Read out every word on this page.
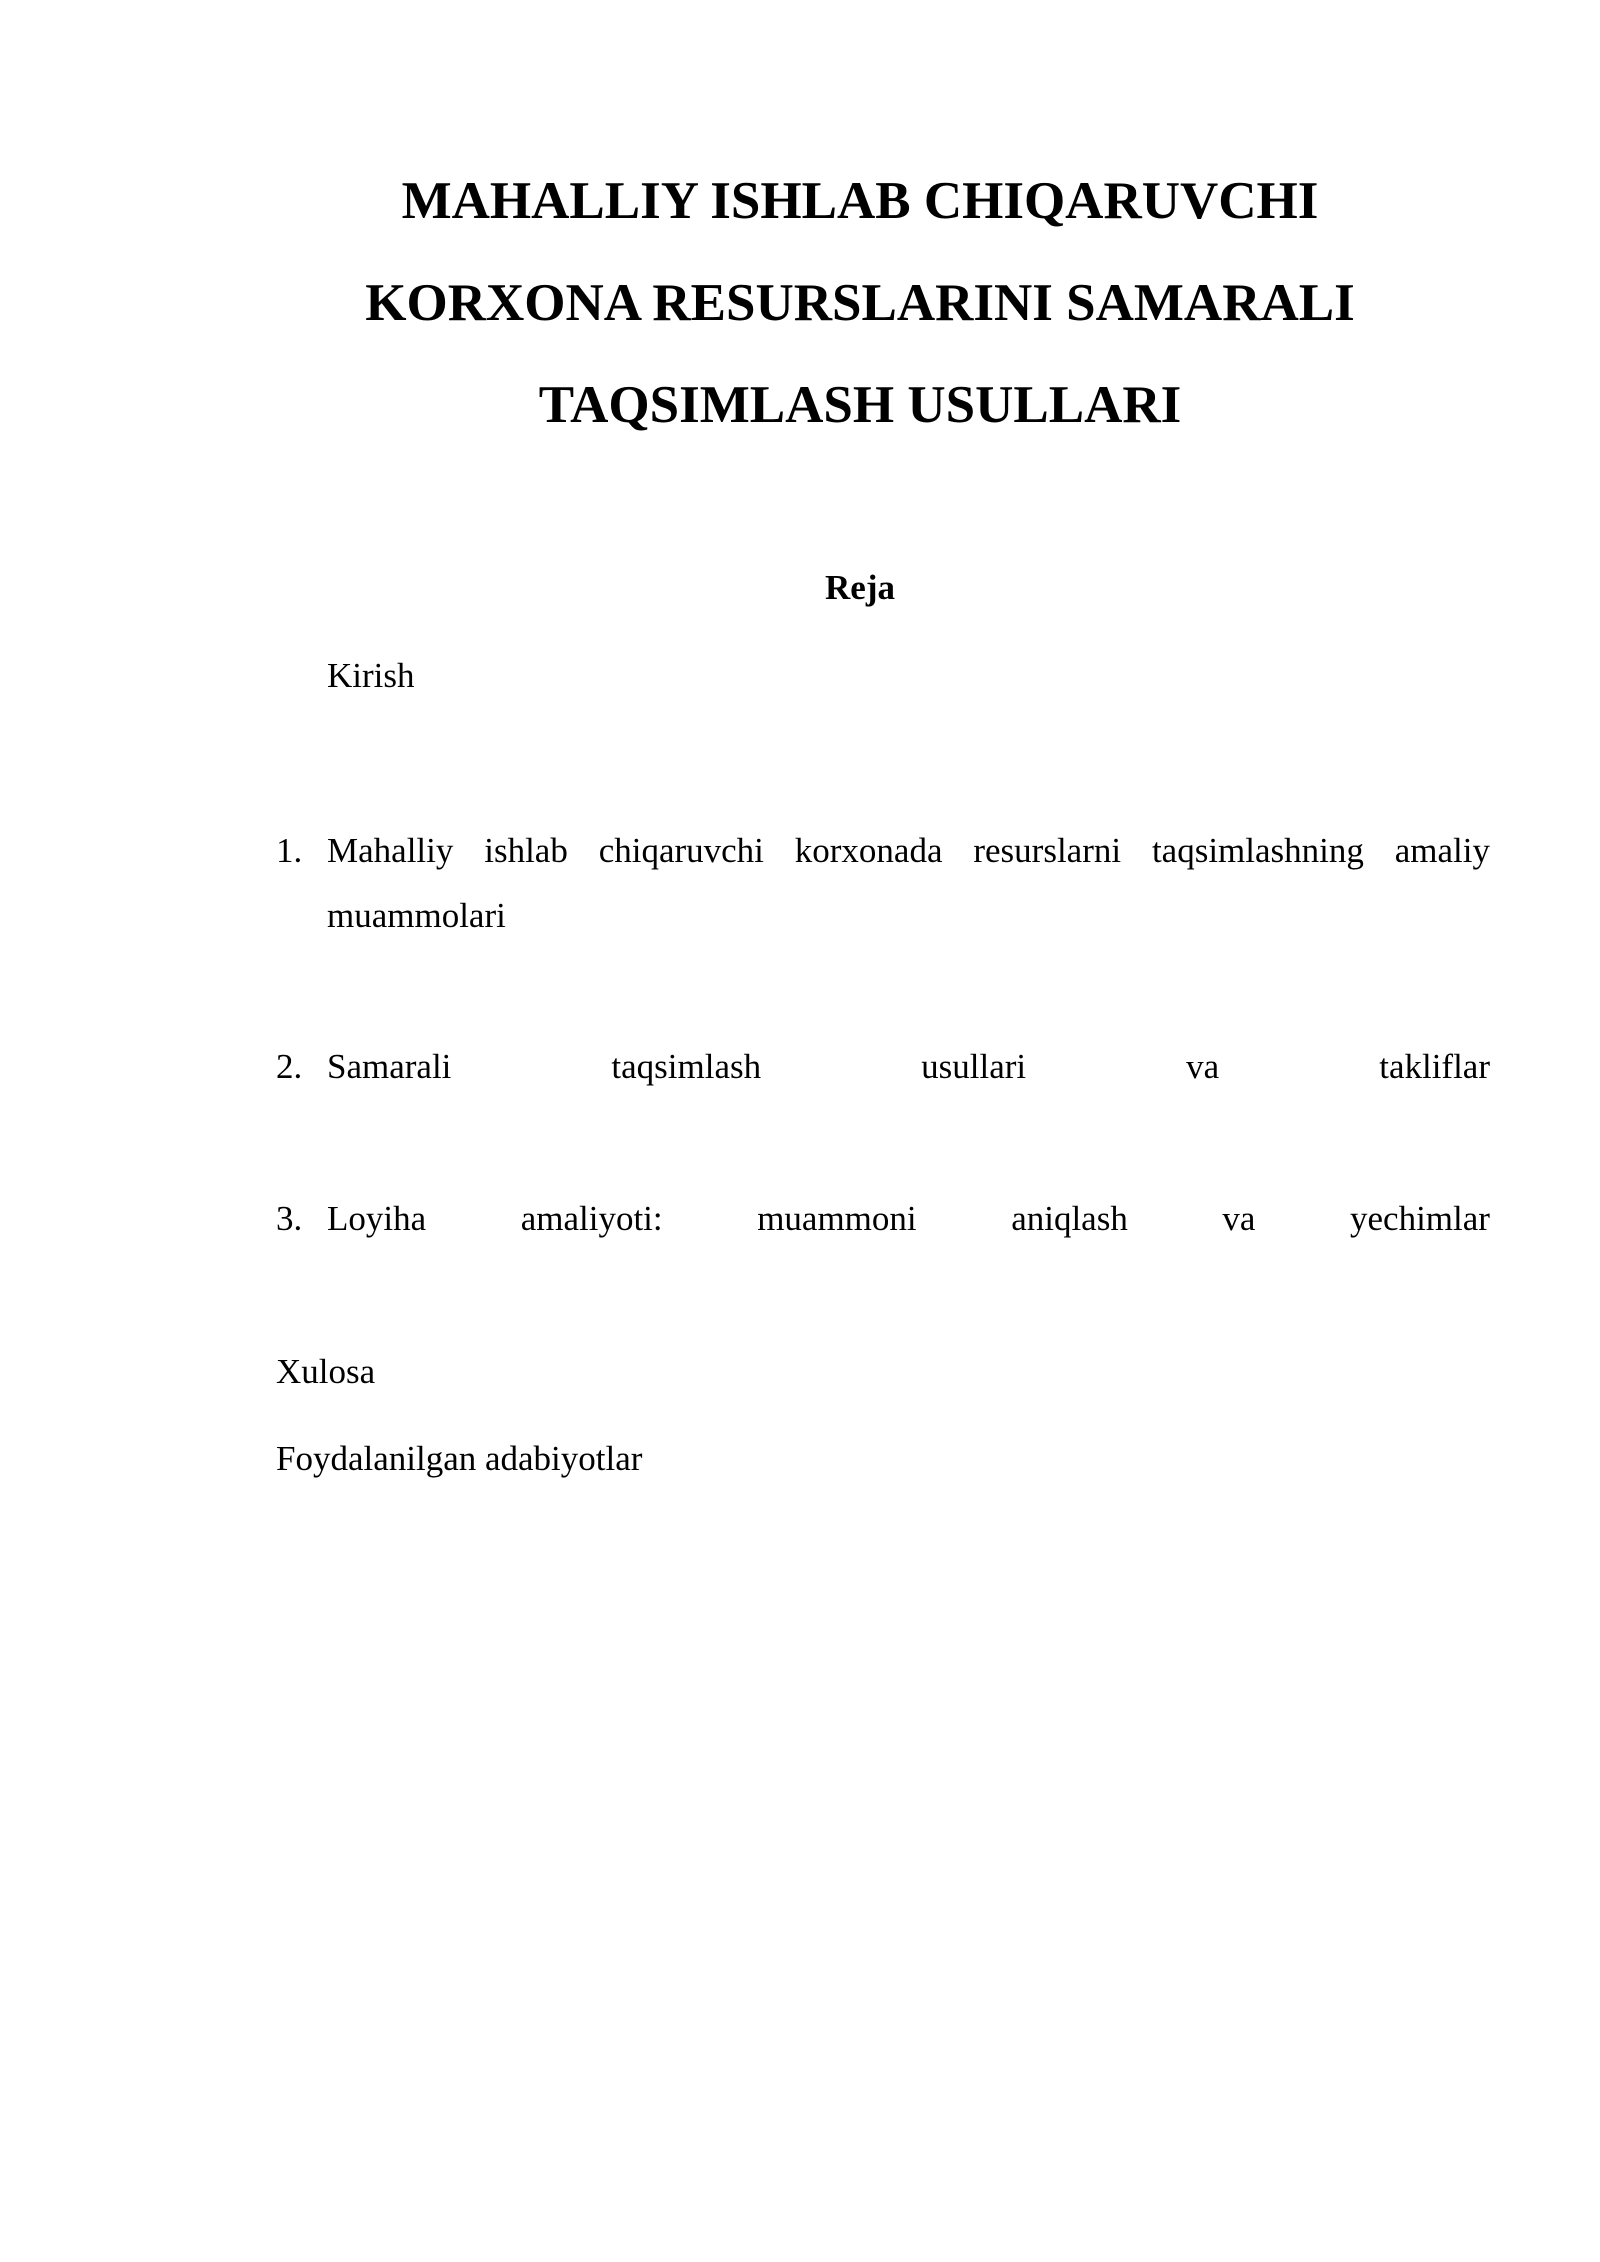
MAHALLIY ISHLAB CHIQARUVCHI
KORXONA RESURSLARINI SAMARALI
TAQSIMLASH USULLARI
Reja
Kirish
1. Mahalliy ishlab chiqaruvchi korxonada resurslarni taqsimlashning amaliy muammolari
2. Samarali	taqsimlash	usullari	va	takliflar
3. Loyiha	amaliyoti:	muammoni	aniqlash	va	yechimlar
Xulosa
Foydalanilgan adabiyotlar
